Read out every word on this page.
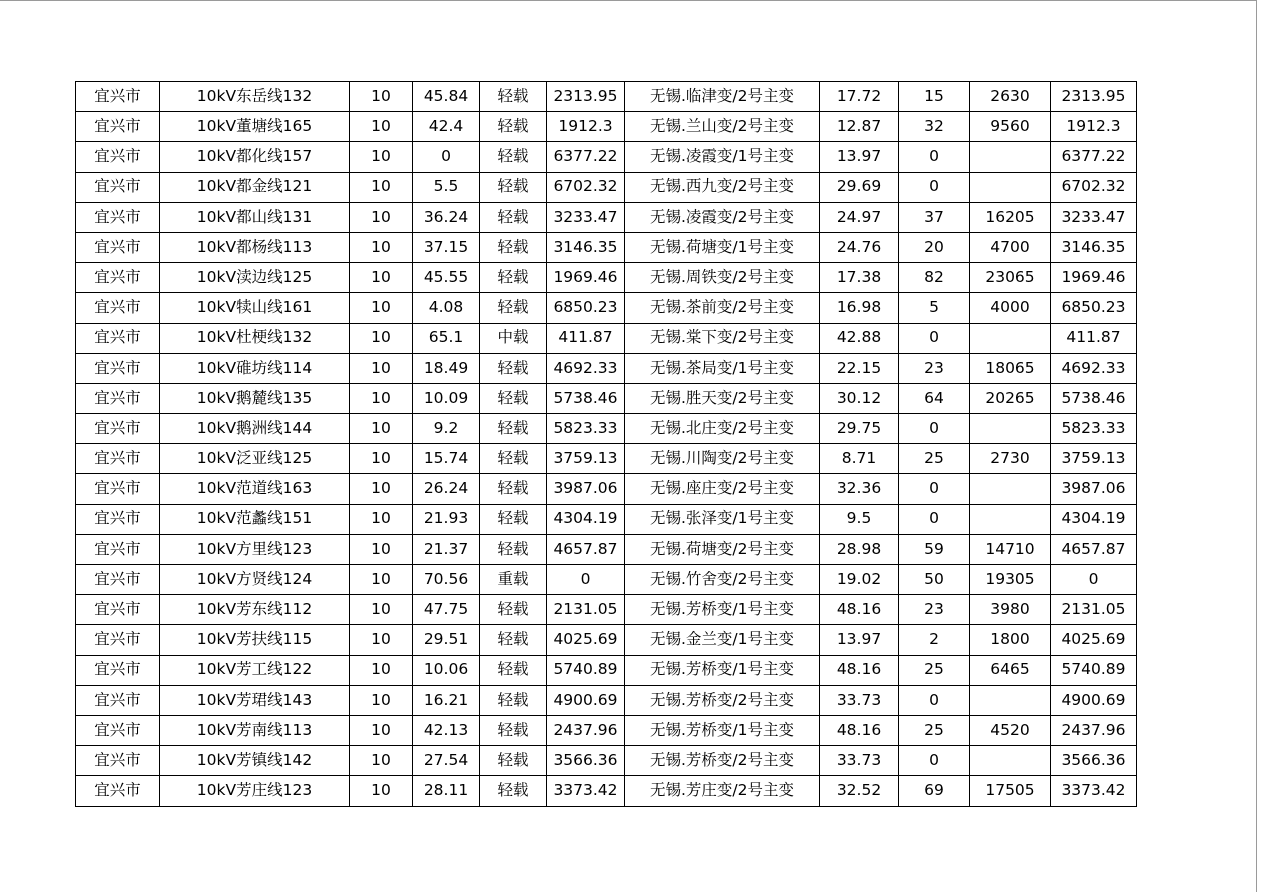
宜兴市	10kV东岳线132	10	45.84	轻载	2313.95	无锡.临津变/2号主变	17.72	15	2630	2313.95
宜兴市	10kV董塘线165	10	42.4	轻载	1912.3	无锡.兰山变/2号主变	12.87	32	9560	1912.3
宜兴市	10kV都化线157	10	0	轻载	6377.22	无锡.凌霞变/1号主变	13.97	0		6377.22
宜兴市	10kV都金线121	10	5.5	轻载	6702.32	无锡.西九变/2号主变	29.69	0		6702.32
宜兴市	10kV都山线131	10	36.24	轻载	3233.47	无锡.凌霞变/2号主变	24.97	37	16205	3233.47
宜兴市	10kV都杨线113	10	37.15	轻载	3146.35	无锡.荷塘变/1号主变	24.76	20	4700	3146.35
宜兴市	10kV渎边线125	10	45.55	轻载	1969.46	无锡.周铁变/2号主变	17.38	82	23065	1969.46
宜兴市	10kV犊山线161	10	4.08	轻载	6850.23	无锡.茶前变/2号主变	16.98	5	4000	6850.23
宜兴市	10kV杜梗线132	10	65.1	中载	411.87	无锡.棠下变/2号主变	42.88	0		411.87
宜兴市	10kV碓坊线114	10	18.49	轻载	4692.33	无锡.茶局变/1号主变	22.15	23	18065	4692.33
宜兴市	10kV鹅麓线135	10	10.09	轻载	5738.46	无锡.胜天变/2号主变	30.12	64	20265	5738.46
宜兴市	10kV鹅洲线144	10	9.2	轻载	5823.33	无锡.北庄变/2号主变	29.75	0		5823.33
宜兴市	10kV泛亚线125	10	15.74	轻载	3759.13	无锡.川陶变/2号主变	8.71	25	2730	3759.13
宜兴市	10kV范道线163	10	26.24	轻载	3987.06	无锡.座庄变/2号主变	32.36	0		3987.06
宜兴市	10kV范蠡线151	10	21.93	轻载	4304.19	无锡.张泽变/1号主变	9.5	0		4304.19
宜兴市	10kV方里线123	10	21.37	轻载	4657.87	无锡.荷塘变/2号主变	28.98	59	14710	4657.87
宜兴市	10kV方贤线124	10	70.56	重载	0	无锡.竹舍变/2号主变	19.02	50	19305	0
宜兴市	10kV芳东线112	10	47.75	轻载	2131.05	无锡.芳桥变/1号主变	48.16	23	3980	2131.05
宜兴市	10kV芳扶线115	10	29.51	轻载	4025.69	无锡.金兰变/1号主变	13.97	2	1800	4025.69
宜兴市	10kV芳工线122	10	10.06	轻载	5740.89	无锡.芳桥变/1号主变	48.16	25	6465	5740.89
宜兴市	10kV芳珺线143	10	16.21	轻载	4900.69	无锡.芳桥变/2号主变	33.73	0		4900.69
宜兴市	10kV芳南线113	10	42.13	轻载	2437.96	无锡.芳桥变/1号主变	48.16	25	4520	2437.96
宜兴市	10kV芳镇线142	10	27.54	轻载	3566.36	无锡.芳桥变/2号主变	33.73	0		3566.36
宜兴市	10kV芳庄线123	10	28.11	轻载	3373.42	无锡.芳庄变/2号主变	32.52	69	17505	3373.42
